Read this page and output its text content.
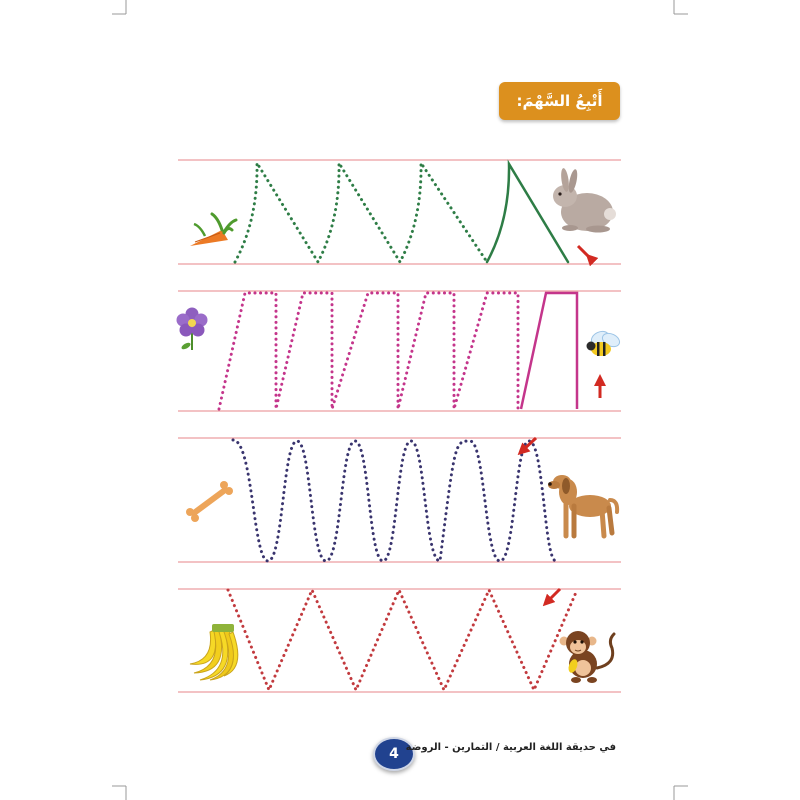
أَتْبِعُ السَّهْمَ:
4 في حديقة اللغة العربية / التمارين - الروضة
